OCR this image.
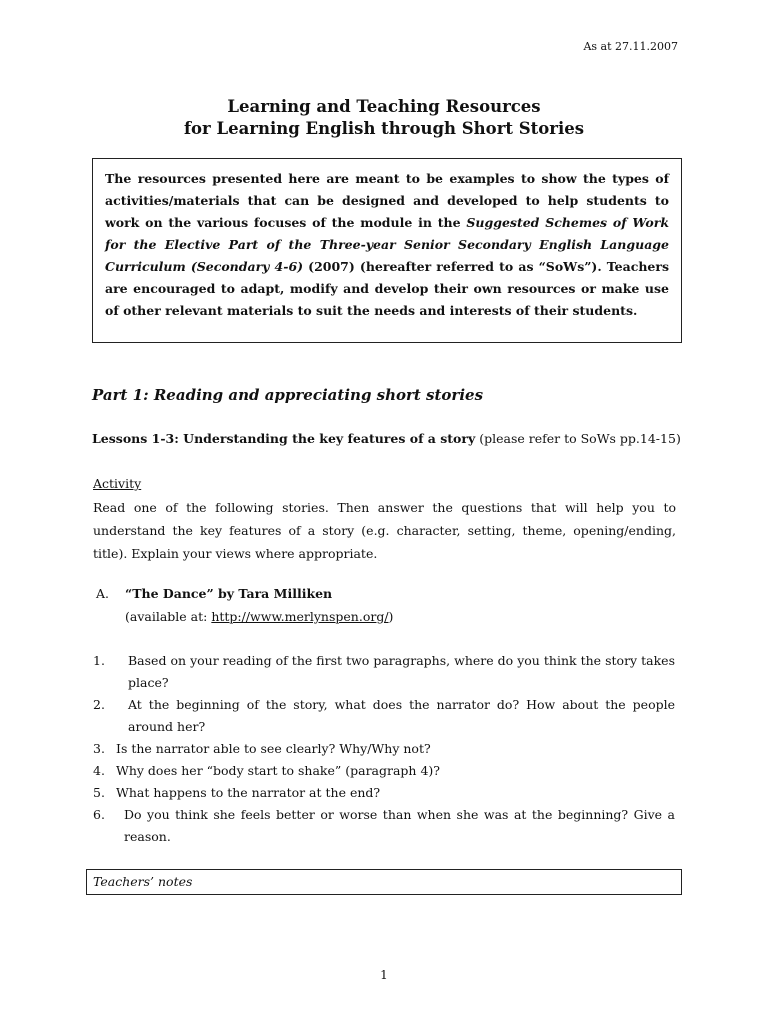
As at 27.11.2007
Learning and Teaching Resources
for Learning English through Short Stories
The resources presented here are meant to be examples to show the types of activities/materials that can be designed and developed to help students to work on the various focuses of the module in the Suggested Schemes of Work for the Elective Part of the Three-year Senior Secondary English Language Curriculum (Secondary 4-6) (2007) (hereafter referred to as “SoWs”). Teachers are encouraged to adapt, modify and develop their own resources or make use of other relevant materials to suit the needs and interests of their students.
Part 1: Reading and appreciating short stories
Lessons 1-3: Understanding the key features of a story (please refer to SoWs pp.14-15)
Activity
Read one of the following stories. Then answer the questions that will help you to understand the key features of a story (e.g. character, setting, theme, opening/ending, title). Explain your views where appropriate.
A. “The Dance” by Tara Milliken
(available at: http://www.merlynspen.org/)
1. Based on your reading of the first two paragraphs, where do you think the story takes place?
2. At the beginning of the story, what does the narrator do? How about the people around her?
3. Is the narrator able to see clearly? Why/Why not?
4. Why does her “body start to shake” (paragraph 4)?
5. What happens to the narrator at the end?
6. Do you think she feels better or worse than when she was at the beginning? Give a reason.
Teachers’ notes
1
